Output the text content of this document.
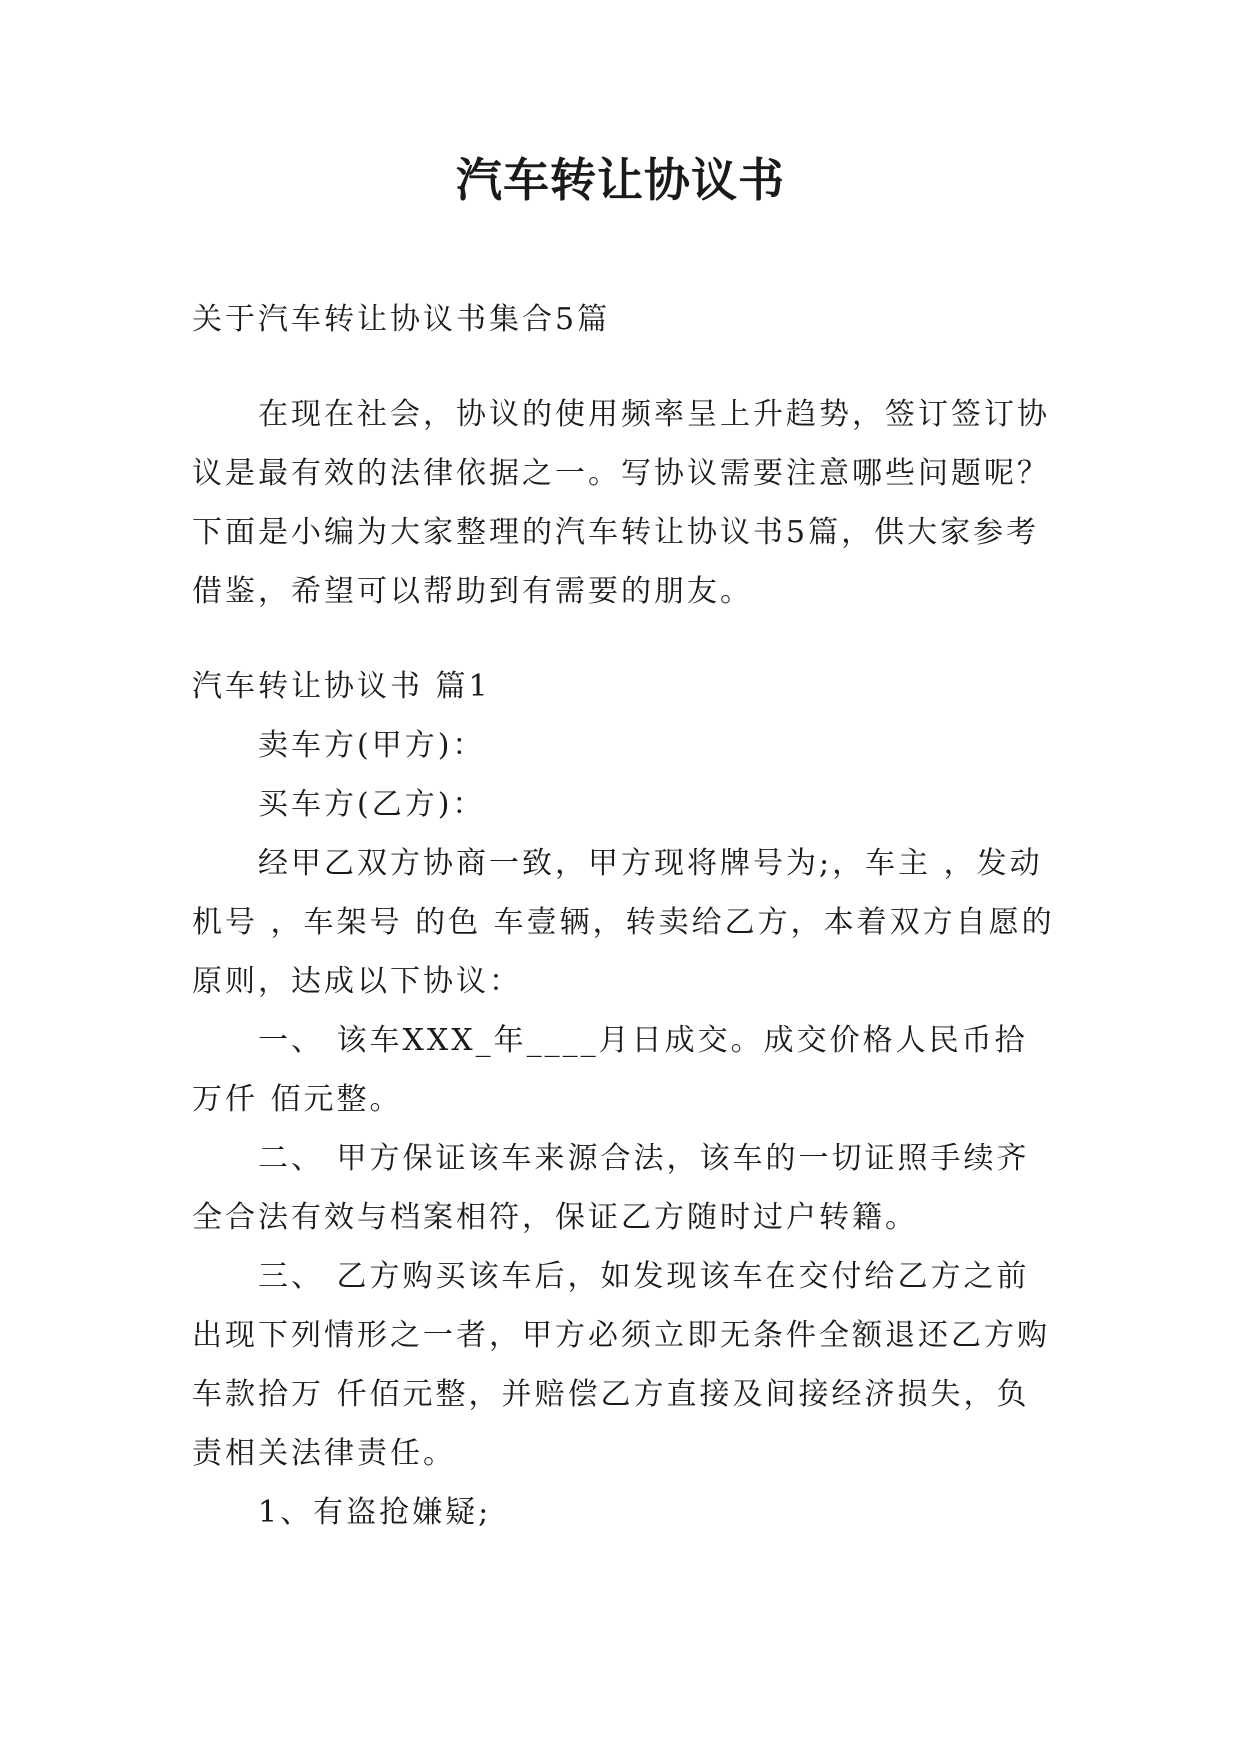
汽车转让协议书

关于汽车转让协议书集合5篇

在现在社会，协议的使用频率呈上升趋势，签订签订协议是最有效的法律依据之一。写协议需要注意哪些问题呢？下面是小编为大家整理的汽车转让协议书5篇，供大家参考借鉴，希望可以帮助到有需要的朋友。

汽车转让协议书 篇1

卖车方(甲方)：

买车方(乙方)：

经甲乙双方协商一致，甲方现将牌号为;，车主 ，发动机号 ，车架号 的色 车壹辆，转卖给乙方，本着双方自愿的原则，达成以下协议：

一、 该车XXX_年____月日成交。成交价格人民币拾万仟 佰元整。

二、 甲方保证该车来源合法，该车的一切证照手续齐全合法有效与档案相符，保证乙方随时过户转籍。

三、 乙方购买该车后，如发现该车在交付给乙方之前出现下列情形之一者，甲方必须立即无条件全额退还乙方购车款拾万 仟佰元整，并赔偿乙方直接及间接经济损失，负责相关法律责任。

1、有盗抢嫌疑;
